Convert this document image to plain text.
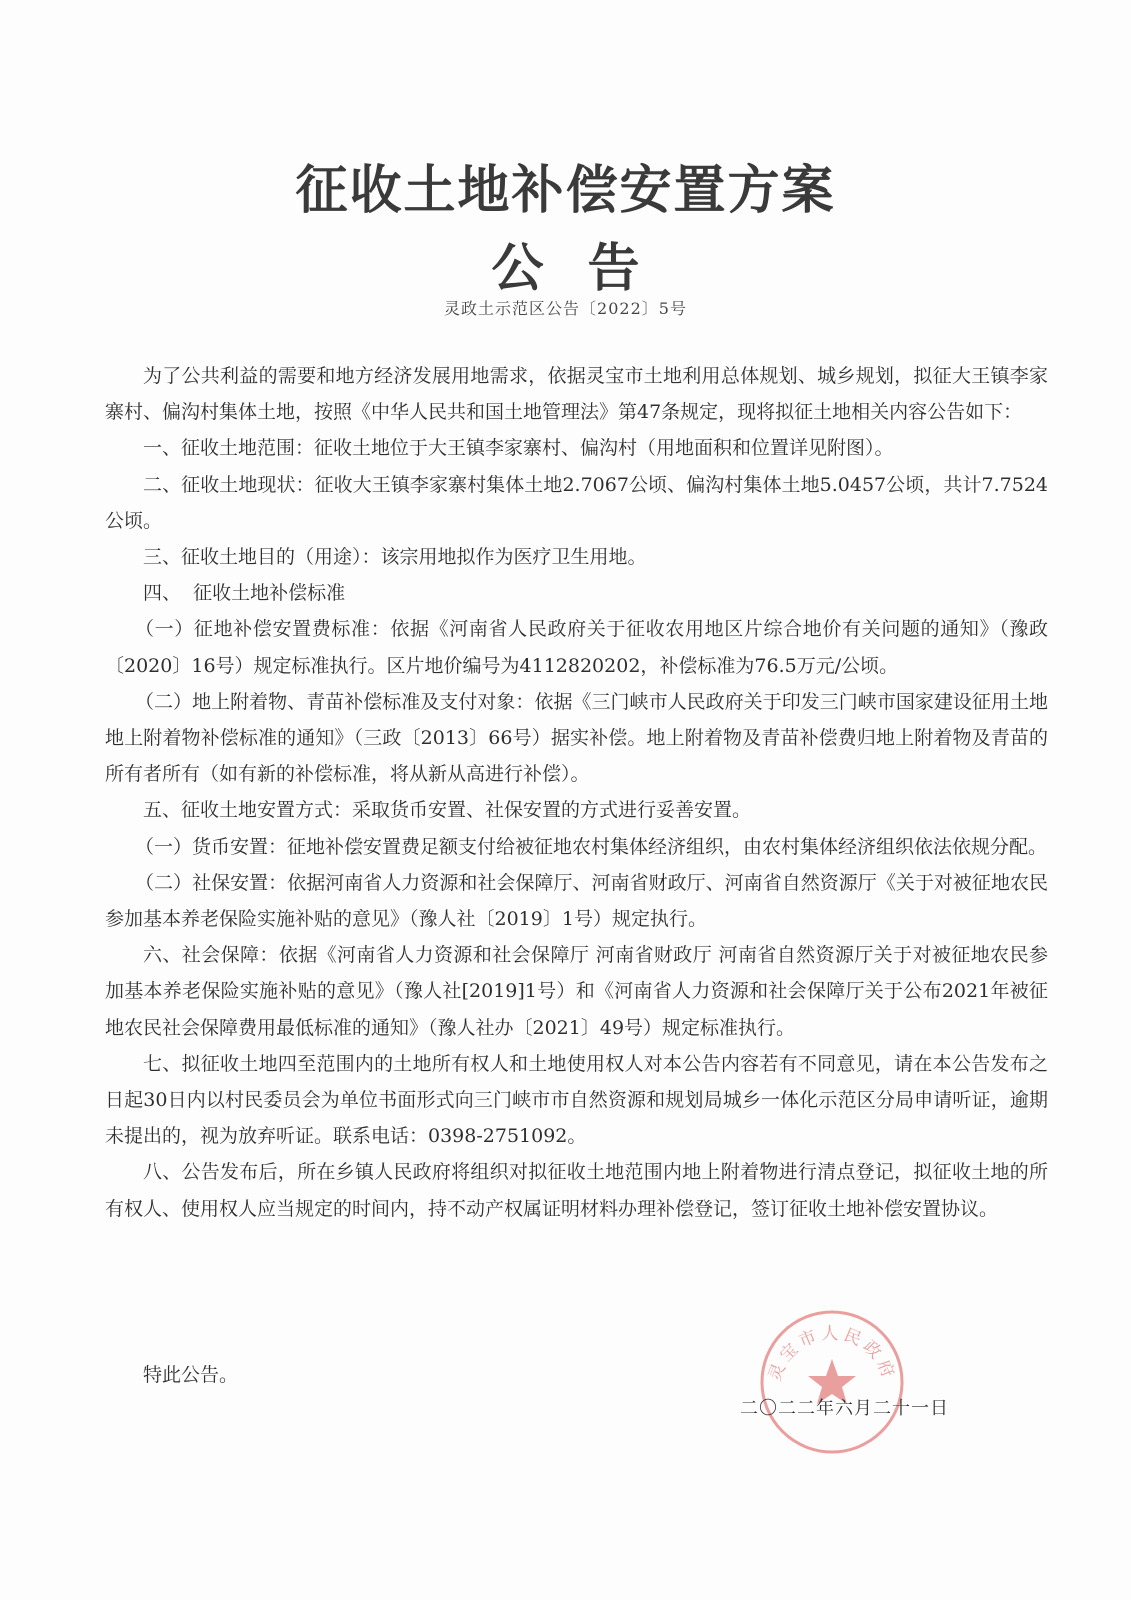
征收土地补偿安置方案
公告
灵政土示范区公告〔2022〕5号

为了公共利益的需要和地方经济发展用地需求，依据灵宝市土地利用总体规划、城乡规划，拟征大王镇李家寨村、偏沟村集体土地，按照《中华人民共和国土地管理法》第47条规定，现将拟征土地相关内容公告如下：

一、征收土地范围：征收土地位于大王镇李家寨村、偏沟村（用地面积和位置详见附图）。

二、征收土地现状：征收大王镇李家寨村集体土地2.7067公顷、偏沟村集体土地5.0457公顷，共计7.7524公顷。

三、征收土地目的（用途）：该宗用地拟作为医疗卫生用地。

四、  征收土地补偿标准

（一）征地补偿安置费标准：依据《河南省人民政府关于征收农用地区片综合地价有关问题的通知》（豫政〔2020〕16号）规定标准执行。区片地价编号为4112820202，补偿标准为76.5万元/公顷。

（二）地上附着物、青苗补偿标准及支付对象：依据《三门峡市人民政府关于印发三门峡市国家建设征用土地地上附着物补偿标准的通知》（三政〔2013〕66号）据实补偿。地上附着物及青苗补偿费归地上附着物及青苗的所有者所有（如有新的补偿标准，将从新从高进行补偿）。

五、征收土地安置方式：采取货币安置、社保安置的方式进行妥善安置。

（一）货币安置：征地补偿安置费足额支付给被征地农村集体经济组织，由农村集体经济组织依法依规分配。

（二）社保安置：依据河南省人力资源和社会保障厅、河南省财政厅、河南省自然资源厅《关于对被征地农民参加基本养老保险实施补贴的意见》（豫人社〔2019〕1号）规定执行。

六、社会保障：依据《河南省人力资源和社会保障厅 河南省财政厅 河南省自然资源厅关于对被征地农民参加基本养老保险实施补贴的意见》（豫人社[2019]1号）和《河南省人力资源和社会保障厅关于公布2021年被征地农民社会保障费用最低标准的通知》（豫人社办〔2021〕49号）规定标准执行。

七、拟征收土地四至范围内的土地所有权人和土地使用权人对本公告内容若有不同意见，请在本公告发布之日起30日内以村民委员会为单位书面形式向三门峡市市自然资源和规划局城乡一体化示范区分局申请听证，逾期未提出的，视为放弃听证。联系电话：0398-2751092。

八、公告发布后，所在乡镇人民政府将组织对拟征收土地范围内地上附着物进行清点登记，拟征收土地的所有权人、使用权人应当规定的时间内，持不动产权属证明材料办理补偿登记，签订征收土地补偿安置协议。

特此公告。	灵宝市人民政府
二〇二二年六月二十一日
